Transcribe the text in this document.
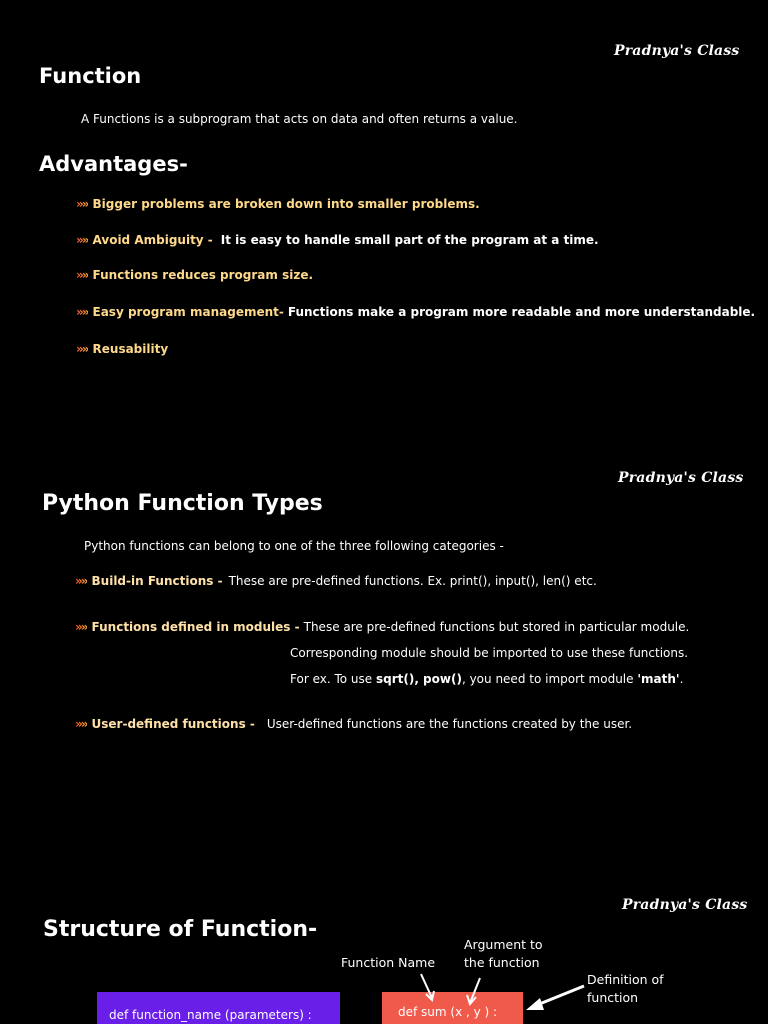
Pradnya's Class
Function
A Functions is a subprogram that acts on data and often returns a value.
Advantages-
»» Bigger problems are broken down into smaller problems.
»» Avoid Ambiguity - It is easy to handle small part of the program at a time.
»» Functions reduces program size.
»» Easy program management- Functions make a program more readable and more understandable.
»» Reusability
Pradnya's Class
Python Function Types
Python functions can belong to one of the three following categories -
»» Build-in Functions - These are pre-defined functions. Ex. print(), input(), len() etc.
»» Functions defined in modules - These are pre-defined functions but stored in particular module.
Corresponding module should be imported to use these functions.
For ex. To use sqrt(), pow(), you need to import module 'math'.
»» User-defined functions - User-defined functions are the functions created by the user.
Pradnya's Class
Structure of Function-
Function Name
Argument to
the function
Definition of
function
def function_name (parameters) :	def sum (x , y ) :
